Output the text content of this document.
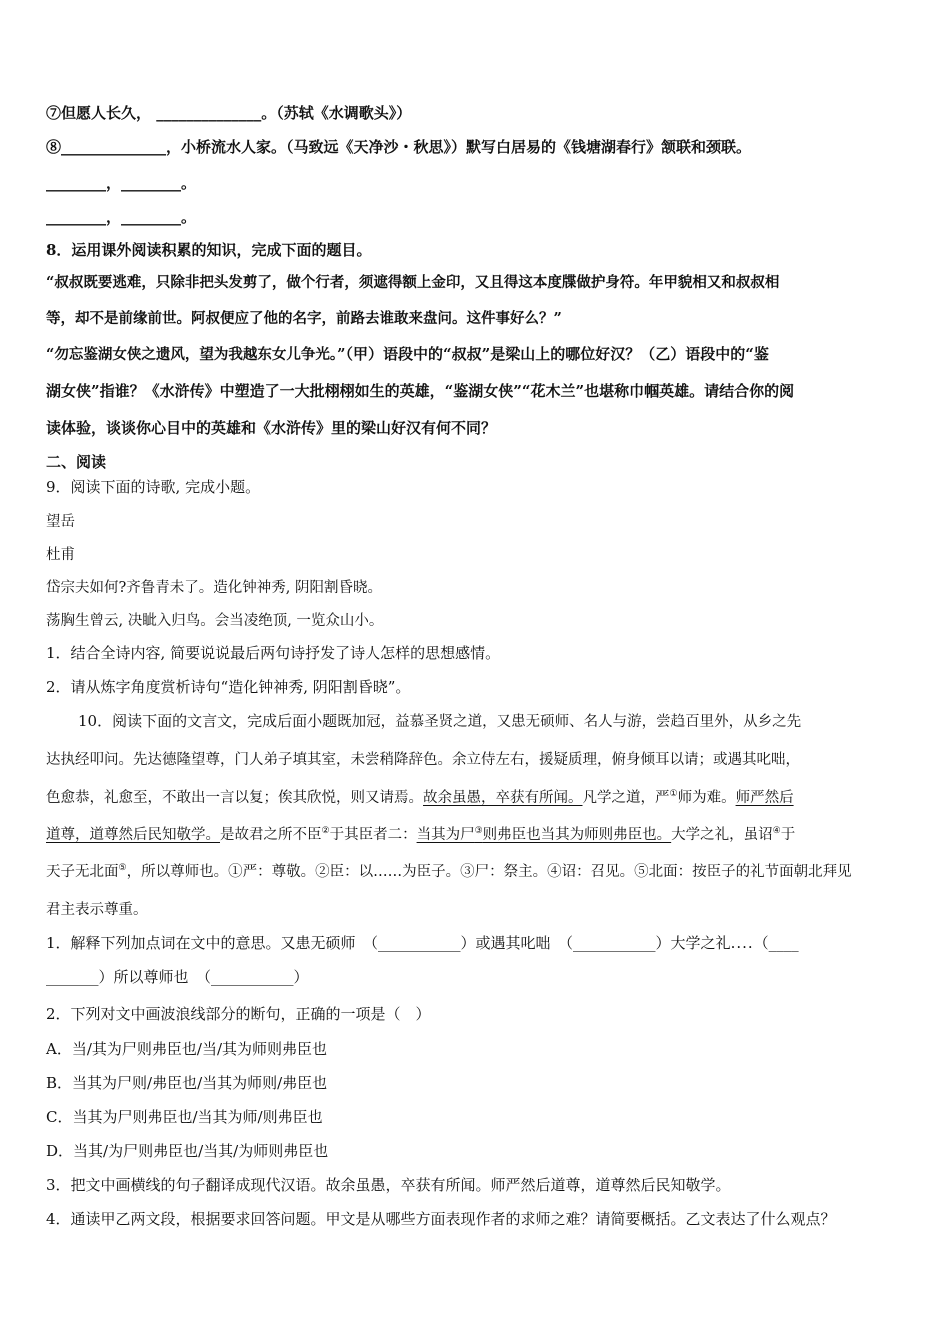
⑦但愿人长久， ______________。（苏轼《水调歌头》）
⑧______________，小桥流水人家。（马致远《天净沙・秋思》）默写白居易的《钱塘湖春行》颔联和颈联。
________，________。
________，________。
8．运用课外阅读积累的知识，完成下面的题目。
“叔叔既要逃难，只除非把头发剪了，做个行者，须遮得额上金印，又且得这本度牒做护身符。年甲貌相又和叔叔相
等，却不是前缘前世。阿叔便应了他的名字，前路去谁敢来盘问。这件事好么？”
“勿忘鉴湖女侠之遗风，望为我越东女儿争光。”（甲）语段中的“叔叔”是梁山上的哪位好汉？（乙）语段中的“鉴
湖女侠”指谁？《水浒传》中塑造了一大批栩栩如生的英雄，“鉴湖女侠”“花木兰”也堪称巾帼英雄。请结合你的阅
读体验，谈谈你心目中的英雄和《水浒传》里的梁山好汉有何不同？
二、阅读
9．阅读下面的诗歌, 完成小题。
望岳
杜甫
岱宗夫如何?齐鲁青未了。造化钟神秀, 阴阳割昏晓。
荡胸生曾云, 决眦入归鸟。会当凌绝顶, 一览众山小。
1．结合全诗内容, 简要说说最后两句诗抒发了诗人怎样的思想感情。
2．请从炼字角度赏析诗句“造化钟神秀, 阴阳割昏晓”。
10．阅读下面的文言文，完成后面小题既加冠，益慕圣贤之道，又患无硕师、名人与游，尝趋百里外，从乡之先
达执经叩问。先达德隆望尊，门人弟子填其室，未尝稍降辞色。余立侍左右，援疑质理，俯身倾耳以请；或遇其叱咄，
色愈恭，礼愈至，不敢出一言以复；俟其欣悦，则又请焉。故余虽愚，卒获有所闻。凡学之道，严①师为难。师严然后
道尊，道尊然后民知敬学。是故君之所不臣②于其臣者二：当其为尸③则弗臣也当其为师则弗臣也。大学之礼，虽诏④于
天子无北面⑤，所以尊师也。①严：尊敬。②臣：以……为臣子。③尸：祭主。④诏：召见。⑤北面：按臣子的礼节面朝北拜见
君主表示尊重。
1．解释下列加点词在文中的意思。又患无硕师　（___________）或遇其叱咄　（___________）大学之礼....（____
_______）所以尊师也　（___________）
2．下列对文中画波浪线部分的断句，正确的一项是（　）
A．当/其为尸则弗臣也/当/其为师则弗臣也
B．当其为尸则/弗臣也/当其为师则/弗臣也
C．当其为尸则弗臣也/当其为师/则弗臣也
D．当其/为尸则弗臣也/当其/为师则弗臣也
3．把文中画横线的句子翻译成现代汉语。故余虽愚，卒获有所闻。师严然后道尊，道尊然后民知敬学。
4．通读甲乙两文段，根据要求回答问题。甲文是从哪些方面表现作者的求师之难？请简要概括。乙文表达了什么观点？
